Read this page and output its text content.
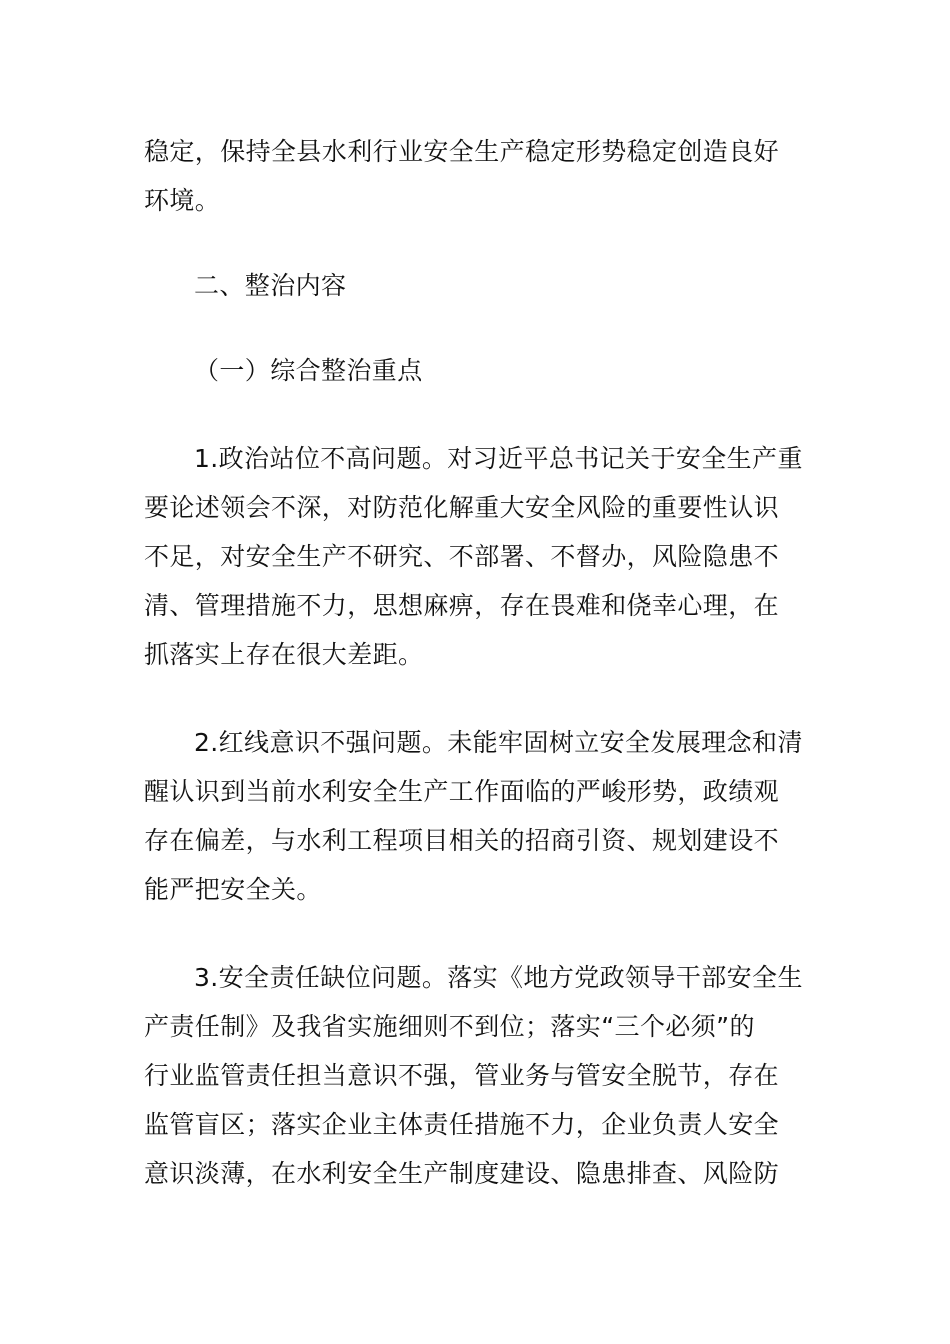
稳定，保持全县水利行业安全生产稳定形势稳定创造良好
环境。
二、整治内容
（一）综合整治重点
1.政治站位不高问题。对习近平总书记关于安全生产重
要论述领会不深，对防范化解重大安全风险的重要性认识
不足，对安全生产不研究、不部署、不督办，风险隐患不
清、管理措施不力，思想麻痹，存在畏难和侥幸心理，在
抓落实上存在很大差距。
2.红线意识不强问题。未能牢固树立安全发展理念和清
醒认识到当前水利安全生产工作面临的严峻形势，政绩观
存在偏差，与水利工程项目相关的招商引资、规划建设不
能严把安全关。
3.安全责任缺位问题。落实《地方党政领导干部安全生
产责任制》及我省实施细则不到位；落实“三个必须”的
行业监管责任担当意识不强，管业务与管安全脱节，存在
监管盲区；落实企业主体责任措施不力，企业负责人安全
意识淡薄，在水利安全生产制度建设、隐患排查、风险防
